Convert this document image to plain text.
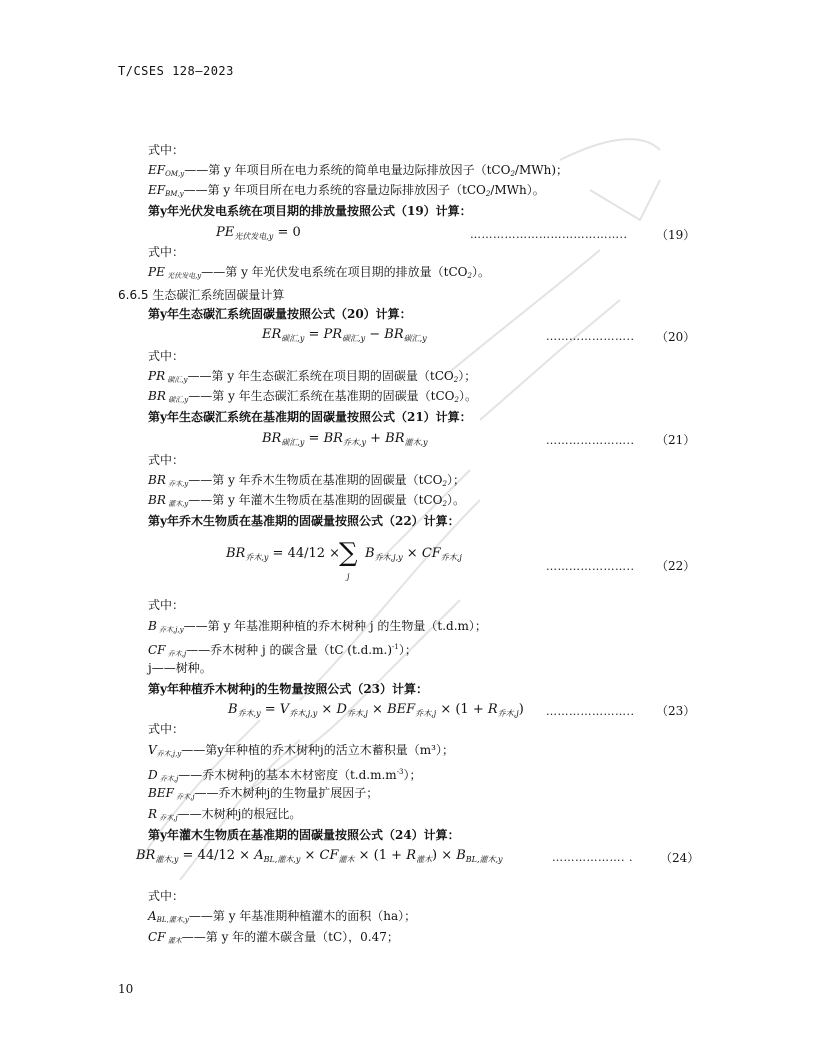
T/CSES 128—2023
式中：
$EF_{OM,y}——$第 y 年项目所在电力系统的简单电量边际排放因子（tCO$_2$/MWh)；
$EF_{BM,y}——$第 y 年项目所在电力系统的容量边际排放因子（tCO$_2$/MWh）。
第y年光伏发电系统在项目期的排放量按照公式（19）计算：
$PE_{光伏发电,y} = 0$	………………………………….. （19）
式中：
PE $_{光伏发电,y}$——第 y 年光伏发电系统在项目期的排放量（tCO$_2$）。
6.6.5 生态碳汇系统固碳量计算
第y年生态碳汇系统固碳量按照公式（20）计算：
$ER_{碳汇,y} = PR_{碳汇,y} - BR_{碳汇,y}$	………………….. （20）
式中：
PR $_{碳汇,y}$——第 y 年生态碳汇系统在项目期的固碳量（tCO$_2$）；
BR $_{碳汇,y}$——第 y 年生态碳汇系统在基准期的固碳量（tCO$_2$）。
第y年生态碳汇系统在基准期的固碳量按照公式（21）计算：
$BR_{碳汇,y} = BR_{乔木,y} + BR_{灌木,y}$	………………….. （21）
式中：
BR $_{乔木,y}$——第 y 年乔木生物质在基准期的固碳量（tCO$_2$）；
BR $_{灌木,y}$——第 y 年灌木生物质在基准期的固碳量（tCO$_2$）。
第y年乔木生物质在基准期的固碳量按照公式（22）计算：
$BR_{乔木,y} = 44/12$ ×
∑
j
$B_{乔木,j,y} \times CF_{乔木,j}$
………………….. （22）
式中：
B $_{乔木,j,y}$——第 y 年基准期种植的乔木树种 j 的生物量（t.d.m）；
CF $_{乔木,j}$——乔木树种 j 的碳含量（tC $(t.d.m.)^{-1}$）；
j——树种。
第y年种植乔木树种j的生物量按照公式（23）计算：
$B_{乔木,y} = V_{乔木,j,y} \times D_{乔木,j} \times BEF_{乔木,j} \times (1 + R_{乔木,j})$ ………………….. （23）
式中：
$V_{乔木,j,y}——$第y年种植的乔木树种j的活立木蓄积量（m³）；
D $_{乔木,j}$——乔木树种j的基本木材密度$(t.d.m.m^{-3})$；
BEF $_{乔木,j}$——乔木树种j的生物量扩展因子；
R $_{乔木,j}$——木树种j的根冠比。
第y年灌木生物质在基准期的固碳量按照公式（24）计算：
$BR_{灌木,y} = 44/12 \times A_{BL,灌木,y} \times CF_{灌木} \times (1 + R_{灌木}) \times B_{BL,灌木,y}$	………………. . （24）
式中：
$A_{BL,灌木,y}——$第 y 年基准期种植灌木的面积（ha）；
CF $_{灌木}$——第 y 年的灌木碳含量（tC），0.47；
10
